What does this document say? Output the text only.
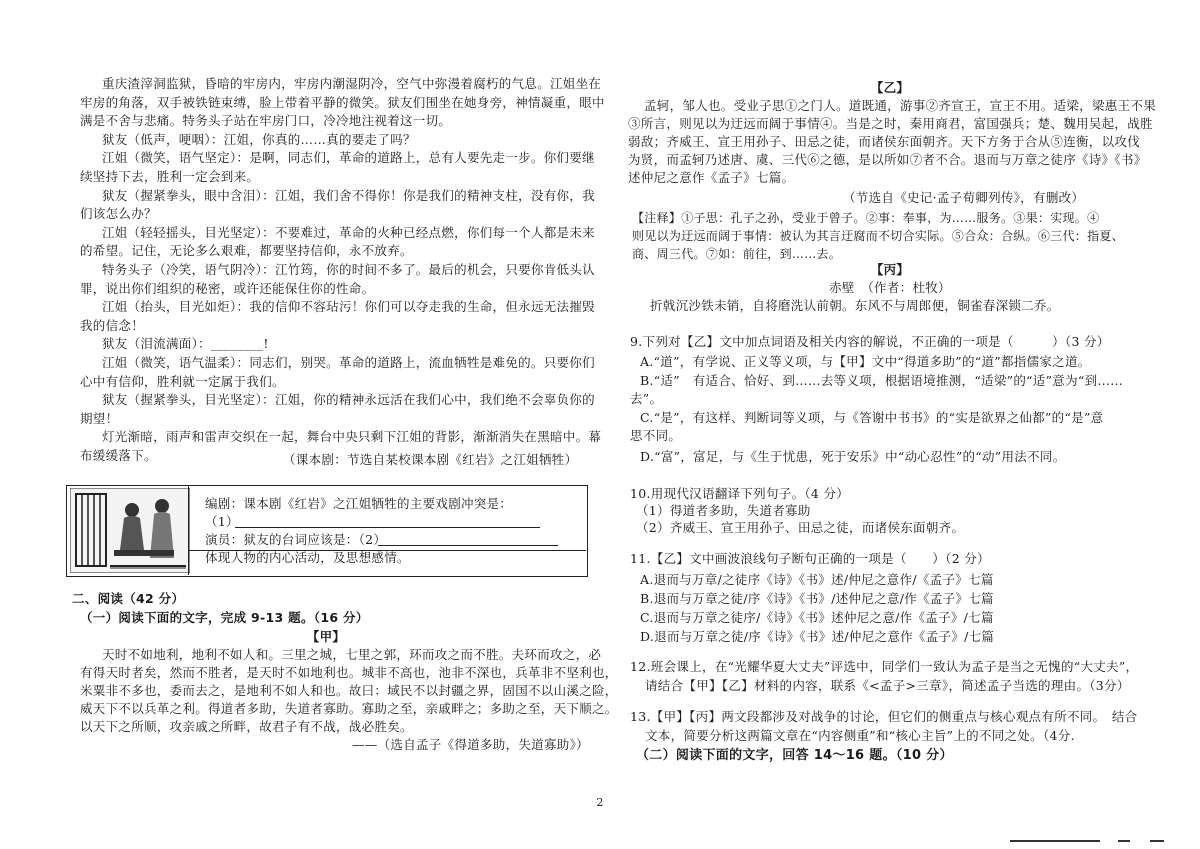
重庆渣滓洞监狱，昏暗的牢房内，牢房内潮湿阴冷，空气中弥漫着腐朽的气息。江姐坐在
牢房的角落，双手被铁链束缚，脸上带着平静的微笑。狱友们围坐在她身旁，神情凝重，眼中
满是不舍与悲痛。特务头子站在牢房门口，冷冷地注视着这一切。
狱友（低声，哽咽）：江姐，你真的……真的要走了吗？
江姐（微笑，语气坚定）：是啊，同志们，革命的道路上，总有人要先走一步。你们要继
续坚持下去，胜利一定会到来。
狱友（握紧拳头，眼中含泪）：江姐，我们舍不得你！你是我们的精神支柱，没有你，我
们该怎么办？
江姐（轻轻摇头，目光坚定）：不要难过，革命的火种已经点燃，你们每一个人都是未来
的希望。记住，无论多么艰难，都要坚持信仰，永不放弃。
特务头子（冷笑，语气阴冷）：江竹筠，你的时间不多了。最后的机会，只要你肯低头认
罪，说出你们组织的秘密，或许还能保住你的性命。
江姐（抬头，目光如炬）：我的信仰不容玷污！你们可以夺走我的生命，但永远无法摧毁
我的信念！
狱友（泪流满面）：________!
江姐（微笑，语气温柔）：同志们，别哭。革命的道路上，流血牺牲是难免的。只要你们
心中有信仰，胜利就一定属于我们。
狱友（握紧拳头，目光坚定）：江姐，你的精神永远活在我们心中，我们绝不会辜负你的
期望！
灯光渐暗，雨声和雷声交织在一起，舞台中央只剩下江姐的背影，渐渐消失在黑暗中。幕
布缓缓落下。	（课本剧：节选自某校课本剧《红岩》之江姐牺牲）
编剧：课本剧《红岩》之江姐牺牲的主要戏剧冲突是：
（1）
演员：狱友的台词应该是：（2）
体现人物的内心活动，及思想感情。
二、阅读（42 分）
（一）阅读下面的文字，完成 9-13 题。（16 分）
【甲】
天时不如地利，地利不如人和。三里之城，七里之郭，环而攻之而不胜。夫环而攻之，必
有得天时者矣，然而不胜者，是天时不如地利也。城非不高也，池非不深也，兵革非不坚利也，
米粟非不多也，委而去之，是地利不如人和也。故曰：域民不以封疆之界，固国不以山溪之险，
威天下不以兵革之利。得道者多助，失道者寡助。寡助之至，亲戚畔之；多助之至，天下顺之。
以天下之所顺，攻亲戚之所畔，故君子有不战，战必胜矣。
——（选自孟子《得道多助，失道寡助》）
【乙】
孟轲，邹人也。受业子思①之门人。道既通，游事②齐宣王，宣王不用。适梁，梁惠王不果
③所言，则见以为迂远而阔于事情④。当是之时，秦用商君，富国强兵；楚、魏用吴起，战胜
弱敌；齐威王、宣王用孙子、田忌之徒，而诸侯东面朝齐。天下方务于合从⑤连衡，以攻伐
为贤，而孟轲乃述唐、虞、三代⑥之德，是以所如⑦者不合。退而与万章之徒序《诗》《书》
述仲尼之意作《孟子》七篇。
（节选自《史记·孟子荀卿列传》，有删改）
【注释】①子思：孔子之孙，受业于曾子。②事：奉事，为……服务。③果：实现。④
则见以为迂远而阔于事情：被认为其言迂腐而不切合实际。⑤合众：合纵。⑥三代：指夏、
商、周三代。⑦如：前往，到……去。
【丙】
赤壁　（作者：杜牧）
折戟沉沙铁未销，自将磨洗认前朝。东风不与周郎便，铜雀春深锁二乔。
9.下列对【乙】文中加点词语及相关内容的解说，不正确的一项是（　　　）（3 分）
A.“道”，有学说、正义等义项，与【甲】文中“得道多助”的“道”都指儒家之道。
B.“适”　有适合、恰好、到……去等义项，根据语境推测，“适梁”的“适”意为“到……
去”。
C.“是”，有这样、判断词等义项，与《答谢中书书》的“实是欲界之仙都”的“是”意
思不同。
D.“富”，富足，与《生于忧患，死于安乐》中“动心忍性”的“动”用法不同。
10.用现代汉语翻译下列句子。（4 分）
（1）得道者多助，失道者寡助
（2）齐威王、宣王用孙子、田忌之徒，而诸侯东面朝齐。
11.【乙】文中画波浪线句子断句正确的一项是（　　）（2 分）
A.退而与万章/之徒序《诗》《书》述/仲尼之意作/《孟子》七篇
B.退而与万章之徒/序《诗》《书》/述仲尼之意/作《孟子》七篇
C.退而与万章之徒序/《诗》《书》述仲尼之意/作《孟子》/七篇
D.退而与万章之徒/序《诗》《书》述/仲尼之意作《孟子》/七篇
12.班会课上，在“光耀华夏大丈夫”评选中，同学们一致认为孟子是当之无愧的“大丈夫”，
请结合【甲】【乙】材料的内容，联系《<孟子>三章》，简述孟子当选的理由。（3分）
13.【甲】【丙】两文段都涉及对战争的讨论，但它们的侧重点与核心观点有所不同。　结合
文本，简要分析这两篇文章在“内容侧重”和“核心主旨”上的不同之处。（4分.
（二）阅读下面的文字，回答 14～16 题。（10 分）
2
